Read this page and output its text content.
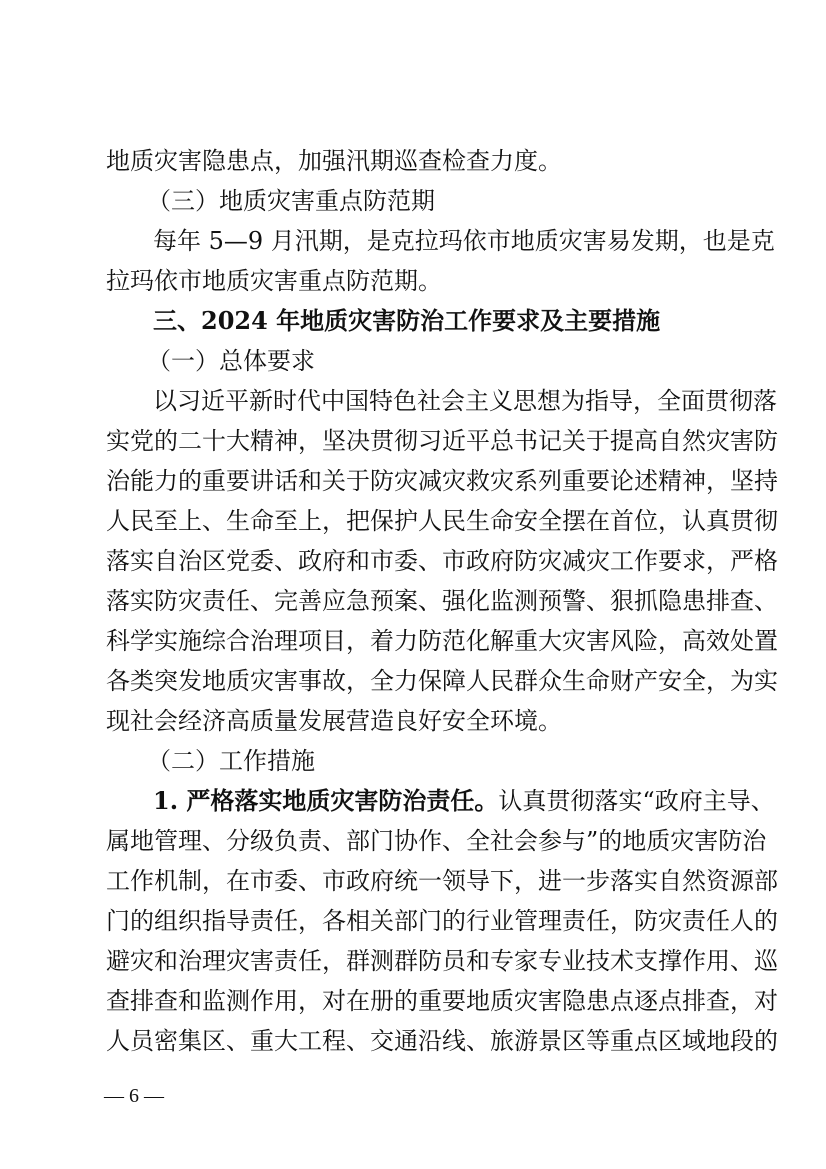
地质灾害隐患点，加强汛期巡查检查力度。
（三）地质灾害重点防范期
每年 5—9 月汛期，是克拉玛依市地质灾害易发期，也是克
拉玛依市地质灾害重点防范期。
三、2024 年地质灾害防治工作要求及主要措施
（一）总体要求
以习近平新时代中国特色社会主义思想为指导，全面贯彻落
实党的二十大精神，坚决贯彻习近平总书记关于提高自然灾害防
治能力的重要讲话和关于防灾减灾救灾系列重要论述精神，坚持
人民至上、生命至上，把保护人民生命安全摆在首位，认真贯彻
落实自治区党委、政府和市委、市政府防灾减灾工作要求，严格
落实防灾责任、完善应急预案、强化监测预警、狠抓隐患排查、
科学实施综合治理项目，着力防范化解重大灾害风险，高效处置
各类突发地质灾害事故，全力保障人民群众生命财产安全，为实
现社会经济高质量发展营造良好安全环境。
（二）工作措施
1. 严格落实地质灾害防治责任。认真贯彻落实“政府主导、
属地管理、分级负责、部门协作、全社会参与”的地质灾害防治
工作机制，在市委、市政府统一领导下，进一步落实自然资源部
门的组织指导责任，各相关部门的行业管理责任，防灾责任人的
避灾和治理灾害责任，群测群防员和专家专业技术支撑作用、巡
查排查和监测作用，对在册的重要地质灾害隐患点逐点排查，对
人员密集区、重大工程、交通沿线、旅游景区等重点区域地段的
— 6 —
